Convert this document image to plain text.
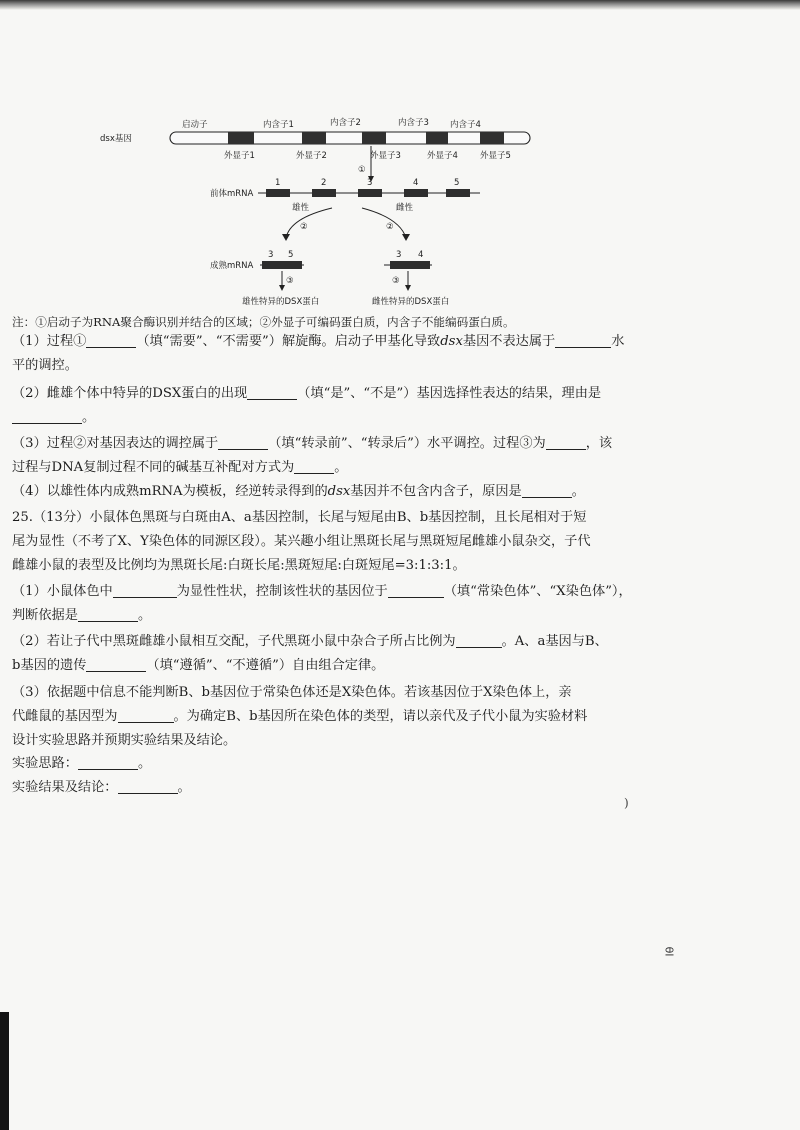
dsx基因
启动子	内含子1	内含子2	内含子3 内含子4
外显子1	外显子2	外显子3	外显子4	外显子5
①
前体mRNA
1	2	3	4	5
雄性
②
雌性
②
成熟mRNA
3 5
③
雄性特异的DSX蛋白
3 4
③
雌性特异的DSX蛋白
注：①启动子为RNA聚合酶识别并结合的区域；②外显子可编码蛋白质，内含子不能编码蛋白质。
（1）过程①	（填“需要”、“不需要”）解旋酶。启动子甲基化导致dsx基因不表达属于	水
平的调控。
（2）雌雄个体中特异的DSX蛋白的出现	（填“是”、“不是”）基因选择性表达的结果，理由是
。
（3）过程②对基因表达的调控属于	（填“转录前”、“转录后”）水平调控。过程③为	，该
过程与DNA复制过程不同的碱基互补配对方式为	。
（4）以雄性体内成熟mRNA为模板，经逆转录得到的dsx基因并不包含内含子，原因是	。
25.（13分）小鼠体色黑斑与白斑由A、a基因控制，长尾与短尾由B、b基因控制，且长尾相对于短
尾为显性（不考了X、Y染色体的同源区段）。某兴趣小组让黑斑长尾与黑斑短尾雌雄小鼠杂交，子代
雌雄小鼠的表型及比例均为黑斑长尾:白斑长尾:黑斑短尾:白斑短尾=3:1:3:1。
（1）小鼠体色中	为显性性状，控制该性状的基因位于	（填“常染色体”、“X染色体”），
判断依据是	。
（2）若让子代中黑斑雌雄小鼠相互交配，子代黑斑小鼠中杂合子所占比例为	。A、a基因与B、
b基因的遗传	（填“遵循”、“不遵循”）自由组合定律。
（3）依据题中信息不能判断B、b基因位于常染色体还是X染色体。若该基因位于X染色体上，亲
代雌鼠的基因型为	。为确定B、b基因所在染色体的类型，请以亲代及子代小鼠为实验材料
设计实验思路并预期实验结果及结论。
实验思路：	。
实验结果及结论：	。
)
θl
